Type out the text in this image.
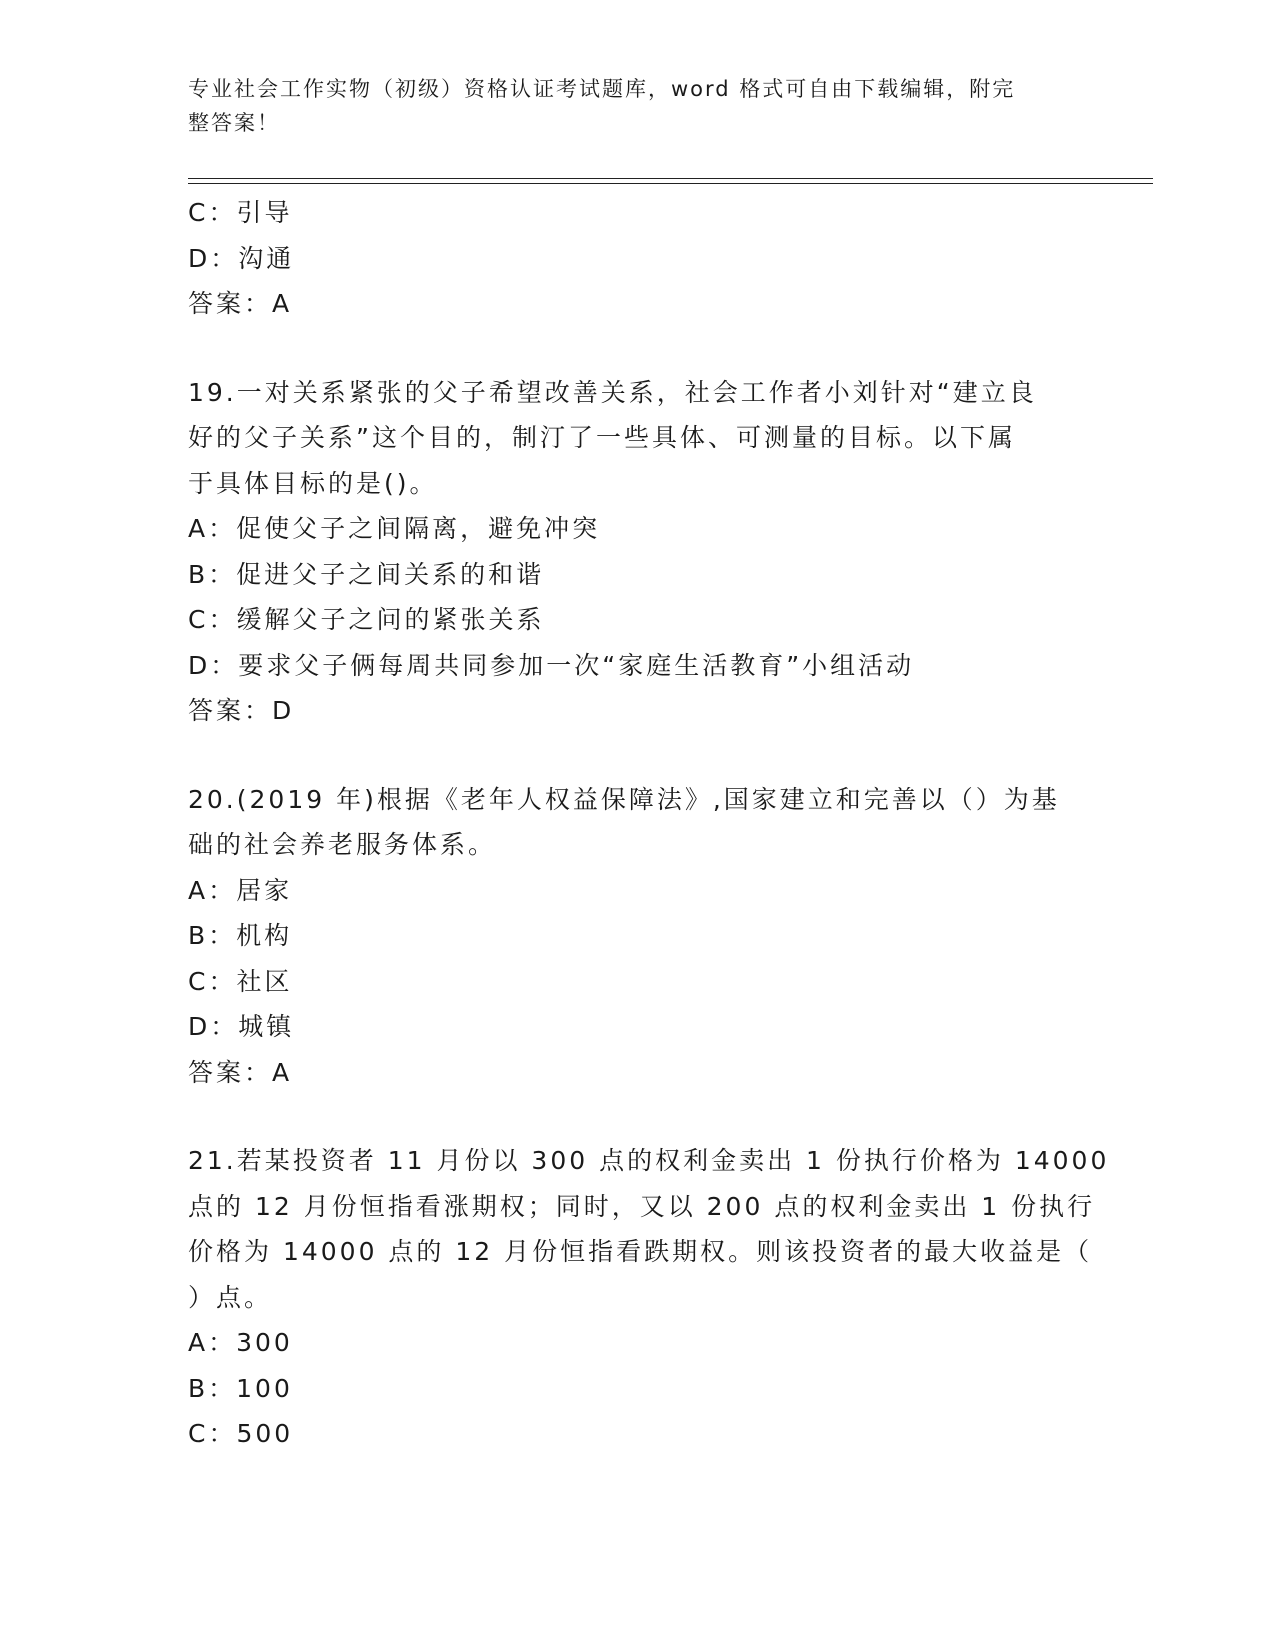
专业社会工作实物（初级）资格认证考试题库，word 格式可自由下载编辑，附完
整答案！
C：引导
D：沟通
答案：A
19.一对关系紧张的父子希望改善关系，社会工作者小刘针对“建立良
好的父子关系”这个目的，制汀了一些具体、可测量的目标。以下属
于具体目标的是()。
A：促使父子之间隔离，避免冲突
B：促进父子之间关系的和谐
C：缓解父子之问的紧张关系
D：要求父子俩每周共同参加一次“家庭生活教育”小组活动
答案：D
20.(2019 年)根据《老年人权益保障法》,国家建立和完善以（）为基
础的社会养老服务体系。
A：居家
B：机构
C：社区
D：城镇
答案：A
21.若某投资者 11 月份以 300 点的权利金卖出 1 份执行价格为 14000
点的 12 月份恒指看涨期权；同时，又以 200 点的权利金卖出 1 份执行
价格为 14000 点的 12 月份恒指看跌期权。则该投资者的最大收益是（
）点。
A：300
B：100
C：500
